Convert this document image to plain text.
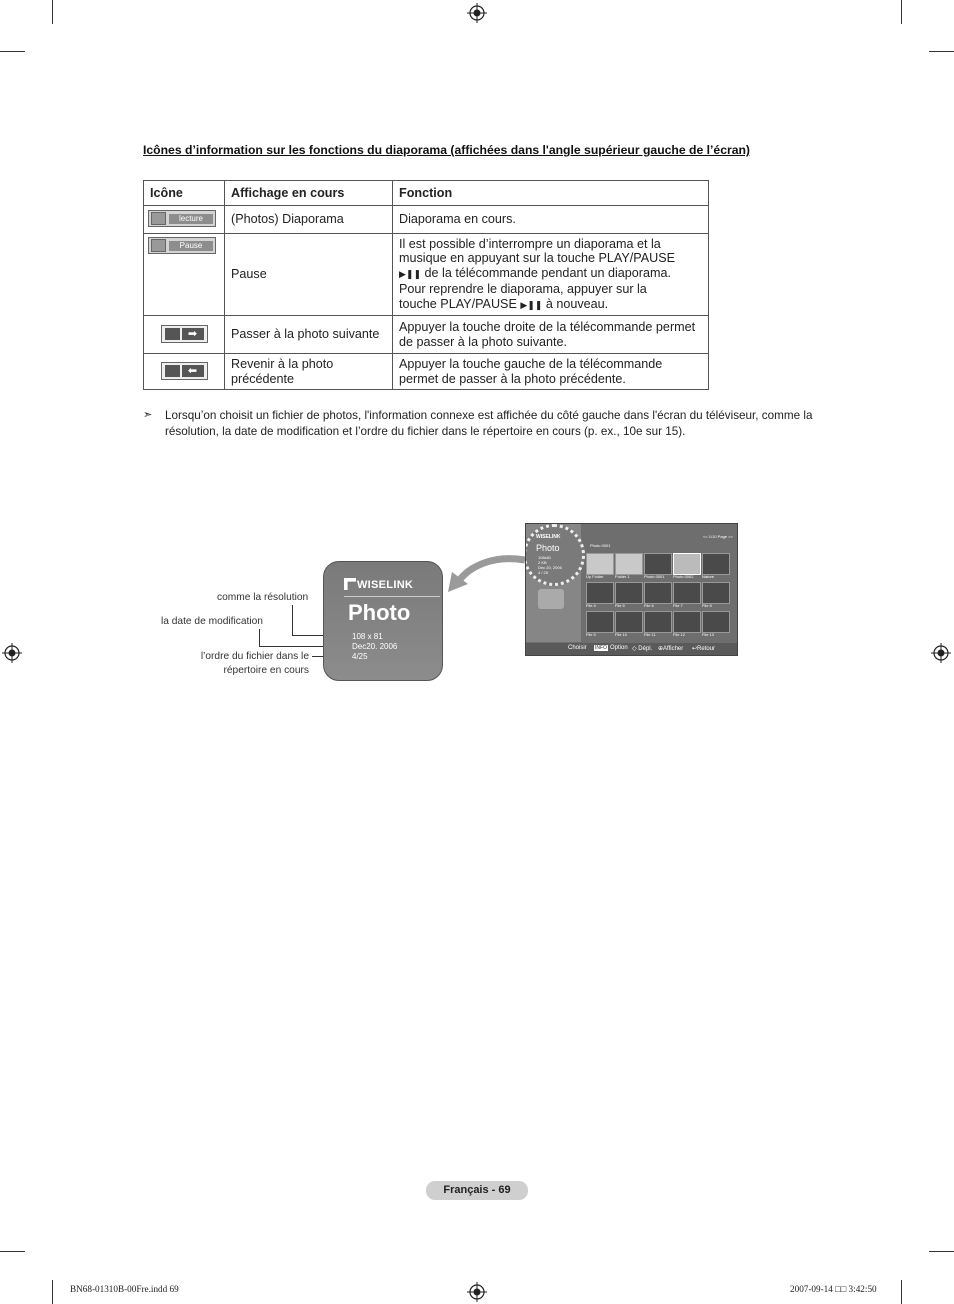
Icônes d’information sur les fonctions du diaporama (affichées dans l'angle supérieur gauche de l’écran)
Icône	Affichage en cours	Fonction

lecture	(Photos) Diaporama	Diaporama en cours.

Pause	Pause	Il est possible d’interrompre un diaporama et la
musique en appuyant sur la touche PLAY/PAUSE
▶❚❚ de la télécommande pendant un diaporama.
Pour reprendre le diaporama, appuyer sur la
touche PLAY/PAUSE ▶❚❚ à nouveau.

➡	Passer à la photo suivante	Appuyer la touche droite de la télécommande permet de passer à la photo suivante.

⬅	Revenir à la photo précédente	Appuyer la touche gauche de la télécommande permet de passer à la photo précédente.
➣ Lorsqu’on choisit un fichier de photos, l'information connexe est affichée du côté gauche dans l'écran du téléviseur, comme la résolution, la date de modification et l’ordre du fichier dans le répertoire en cours (p. ex., 10e sur 15).
comme la résolution
la date de modification
l’ordre du fichier dans le
répertoire en cours
WISELINK
Photo
108 x 81
Dec20. 2006
4/25
WISELINK
Photo
108x81
2 KB
Dec 20, 2006
4 / 25
<< 1/10 Page >>
Photo 0001
Up Folder	Folder 1	Photo 0001 Photo 0002 Nature
File 4	File 5	File 6	File 7	File 8
File 9	File 10	File 11	File 12	File 13
Choisir INFO Option ◇ Dépl. ⊕Afficher ↩Retour
Français - 69
BN68-01310B-00Fre.indd 69	2007-09-14 □□ 3:42:50
